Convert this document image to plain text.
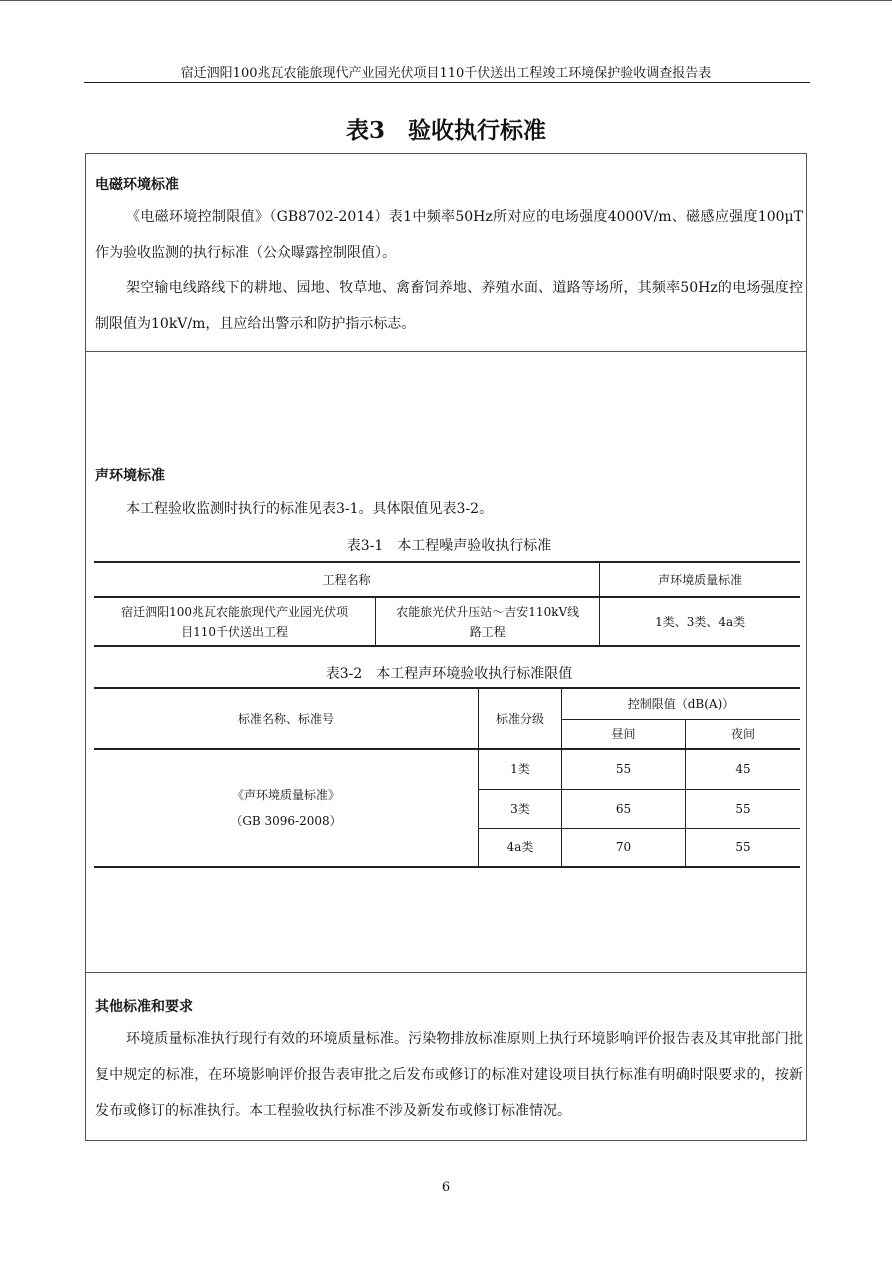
宿迁泗阳100兆瓦农能旅现代产业园光伏项目110千伏送出工程竣工环境保护验收调查报告表
表3　验收执行标准
电磁环境标准

《电磁环境控制限值》（GB8702-2014）表1中频率50Hz所对应的电场强度4000V/m、磁感应强度100μT作为验收监测的执行标准（公众曝露控制限值）。

架空输电线路线下的耕地、园地、牧草地、禽畜饲养地、养殖水面、道路等场所，其频率50Hz的电场强度控制限值为10kV/m，且应给出警示和防护指示标志。

声环境标准

本工程验收监测时执行的标准见表3-1。具体限值见表3-2。

表3-1　本工程噪声验收执行标准
工程名称		声环境质量标准
宿迁泗阳100兆瓦农能旅现代产业园光伏项目110千伏送出工程	农能旅光伏升压站～吉安110kV线路工程	1类、3类、4a类
表3-2　本工程声环境验收执行标准限值
标准名称、标准号	标准分级	控制限值（dB(A)）	
		昼间	夜间

《声环境质量标准》
（GB 3096-2008）	1类	55	45
	3类	65	55
	4a类	70	55
其他标准和要求

环境质量标准执行现行有效的环境质量标准。污染物排放标准原则上执行环境影响评价报告表及其审批部门批复中规定的标准，在环境影响评价报告表审批之后发布或修订的标准对建设项目执行标准有明确时限要求的，按新发布或修订的标准执行。本工程验收执行标准不涉及新发布或修订标准情况。

6
